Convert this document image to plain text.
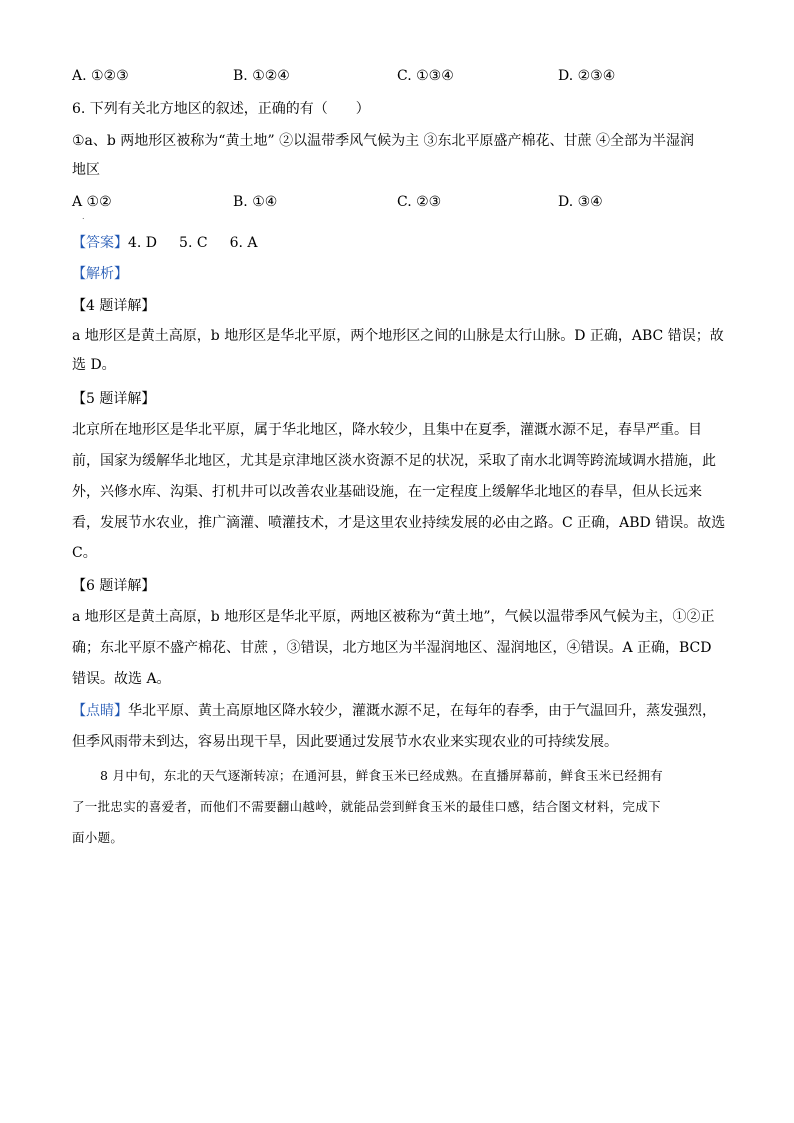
A. ①②③	B. ①②④	C. ①③④	D. ②③④
6. 下列有关北方地区的叙述，正确的有（　　）
①a、b 两地形区被称为“黄土地” ②以温带季风气候为主 ③东北平原盛产棉花、甘蔗 ④全部为半湿润
地区
A ①②
.
B. ①④	C. ②③	D. ③④
【答案】4. D 5. C 6. A
【解析】
【4 题详解】
a 地形区是黄土高原，b 地形区是华北平原，两个地形区之间的山脉是太行山脉。D 正确，ABC 错误；故
选 D。
【5 题详解】
北京所在地形区是华北平原，属于华北地区，降水较少，且集中在夏季，灌溉水源不足，春旱严重。目
前，国家为缓解华北地区，尤其是京津地区淡水资源不足的状况，采取了南水北调等跨流域调水措施，此
外，兴修水库、沟渠、打机井可以改善农业基础设施，在一定程度上缓解华北地区的春旱，但从长远来
看，发展节水农业，推广滴灌、喷灌技术，才是这里农业持续发展的必由之路。C 正确，ABD 错误。故选
C。
【6 题详解】
a 地形区是黄土高原，b 地形区是华北平原，两地区被称为“黄土地”，气候以温带季风气候为主，①②正
确；东北平原不盛产棉花、甘蔗 ，③错误，北方地区为半湿润地区、湿润地区，④错误。A 正确，BCD
错误。故选 A。
【点睛】华北平原、黄土高原地区降水较少，灌溉水源不足，在每年的春季，由于气温回升，蒸发强烈，
但季风雨带未到达，容易出现干旱，因此要通过发展节水农业来实现农业的可持续发展。
8 月中旬，东北的天气逐渐转凉；在通河县，鲜食玉米已经成熟。在直播屏幕前，鲜食玉米已经拥有
了一批忠实的喜爱者，而他们不需要翻山越岭，就能品尝到鲜食玉米的最佳口感，结合图文材料，完成下
面小题。
